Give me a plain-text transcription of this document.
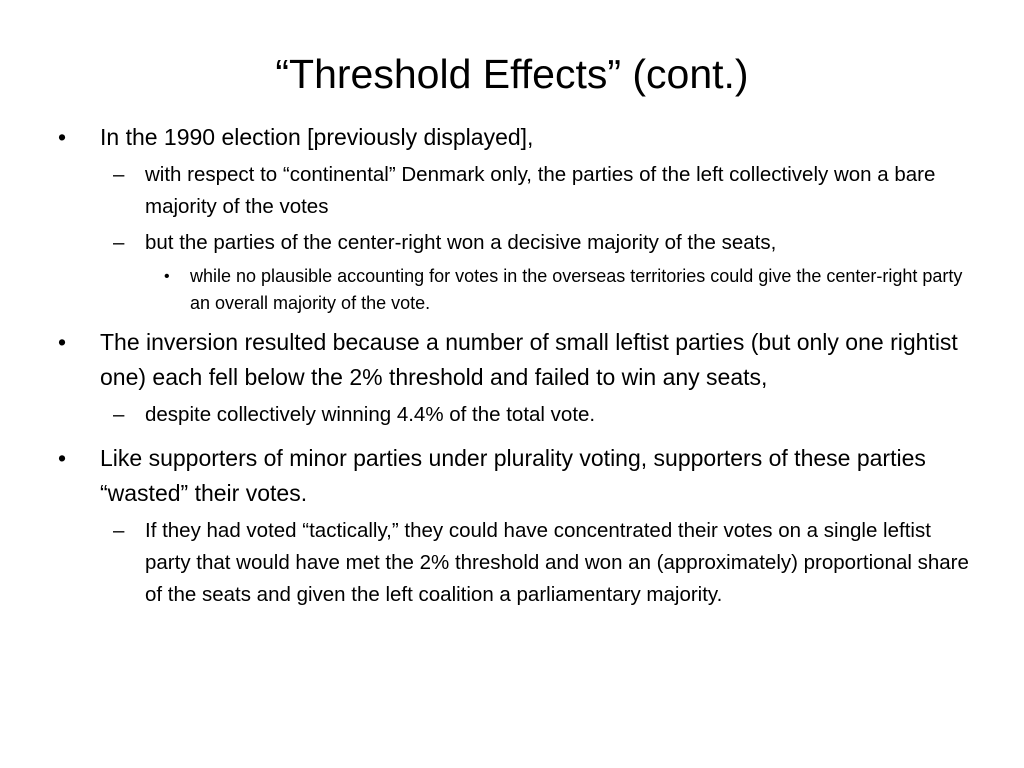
“Threshold Effects” (cont.)
• In the 1990 election [previously displayed],
– with respect to “continental” Denmark only, the parties of the left collectively won a bare majority of the votes
– but the parties of the center-right won a decisive majority of the seats,
• while no plausible accounting for votes in the overseas territories could give the center-right party an overall majority of the vote.
• The inversion resulted because a number of small leftist parties (but only one rightist one) each fell below the 2% threshold and failed to win any seats,
– despite collectively winning 4.4% of the total vote.
• Like supporters of minor parties under plurality voting, supporters of these parties “wasted” their votes.
– If they had voted “tactically,” they could have concentrated their votes on a single leftist party that would have met the 2% threshold and won an (approximately) proportional share of the seats and given the left coalition a parliamentary majority.
